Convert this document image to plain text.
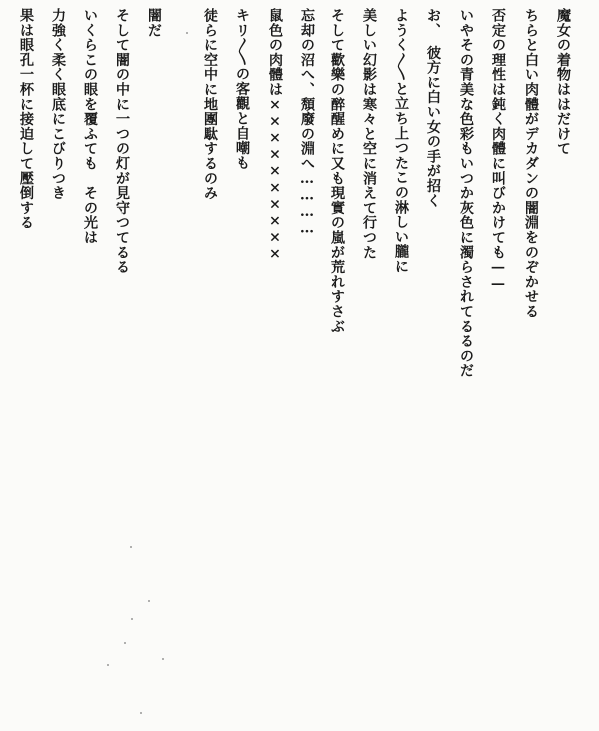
魔女の着物ははだけて
ちらと白い肉體がデカダンの闇淵をのぞかせる
否定の理性は鈍く肉體に叫びかけても——
いやその青美な色彩もいつか灰色に濁らされてるるのだ
お、　彼方に白い女の手が招く
ようく〳〵と立ち上つたこの淋しい朧に
美しい幻影は寒々と空に消えて行つた
そして歡樂の醉醒めに又も現實の嵐が荒れすさぶ
忘却の沼へ、頽廢の淵へ…………
鼠色の肉體は××××××××××
キリ〳〵の客觀と自嘲も
徒らに空中に地團駄するのみ
闇だ
そして闇の中に一つの灯が見守つてるる
いくらこの眼を覆ふても　その光は
力強く柔く眼底にこびりつき
果は眼孔一杯に接迫して壓倒する
